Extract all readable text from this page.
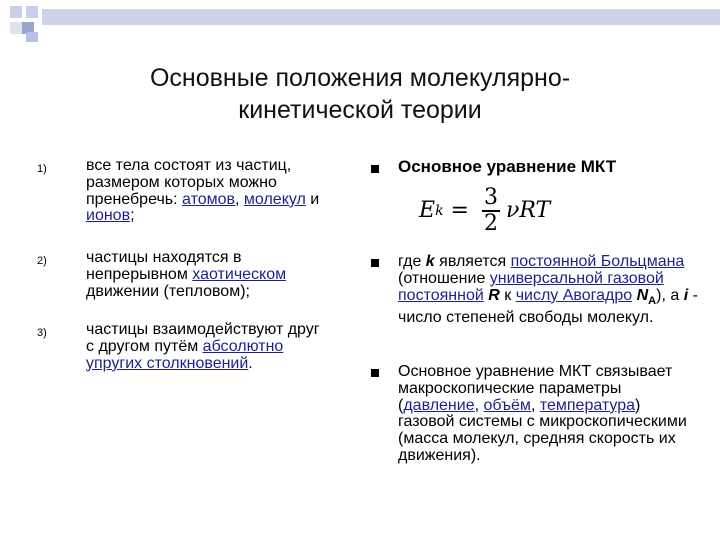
Основные положения молекулярно-
кинетической теории
1)
2)
3)

все тела состоят из частиц, размером которых можно пренебречь: атомов, молекул и ионов;

частицы находятся в непрерывном хаотическом движении (тепловом);

частицы взаимодействуют друг с другом путём абсолютно упругих столкновений.

Основное уравнение МКТ
E $k = \frac{3}{2}$ νRT
где k является постоянной Больцмана (отношение универсальной газовой постоянной R к числу Авогадро $N_A$), а i - число степеней свободы молекул.
Основное уравнение МКТ связывает макроскопические параметры (давление, объём, температура) газовой системы с микроскопическими (масса молекул, средняя скорость их движения).
